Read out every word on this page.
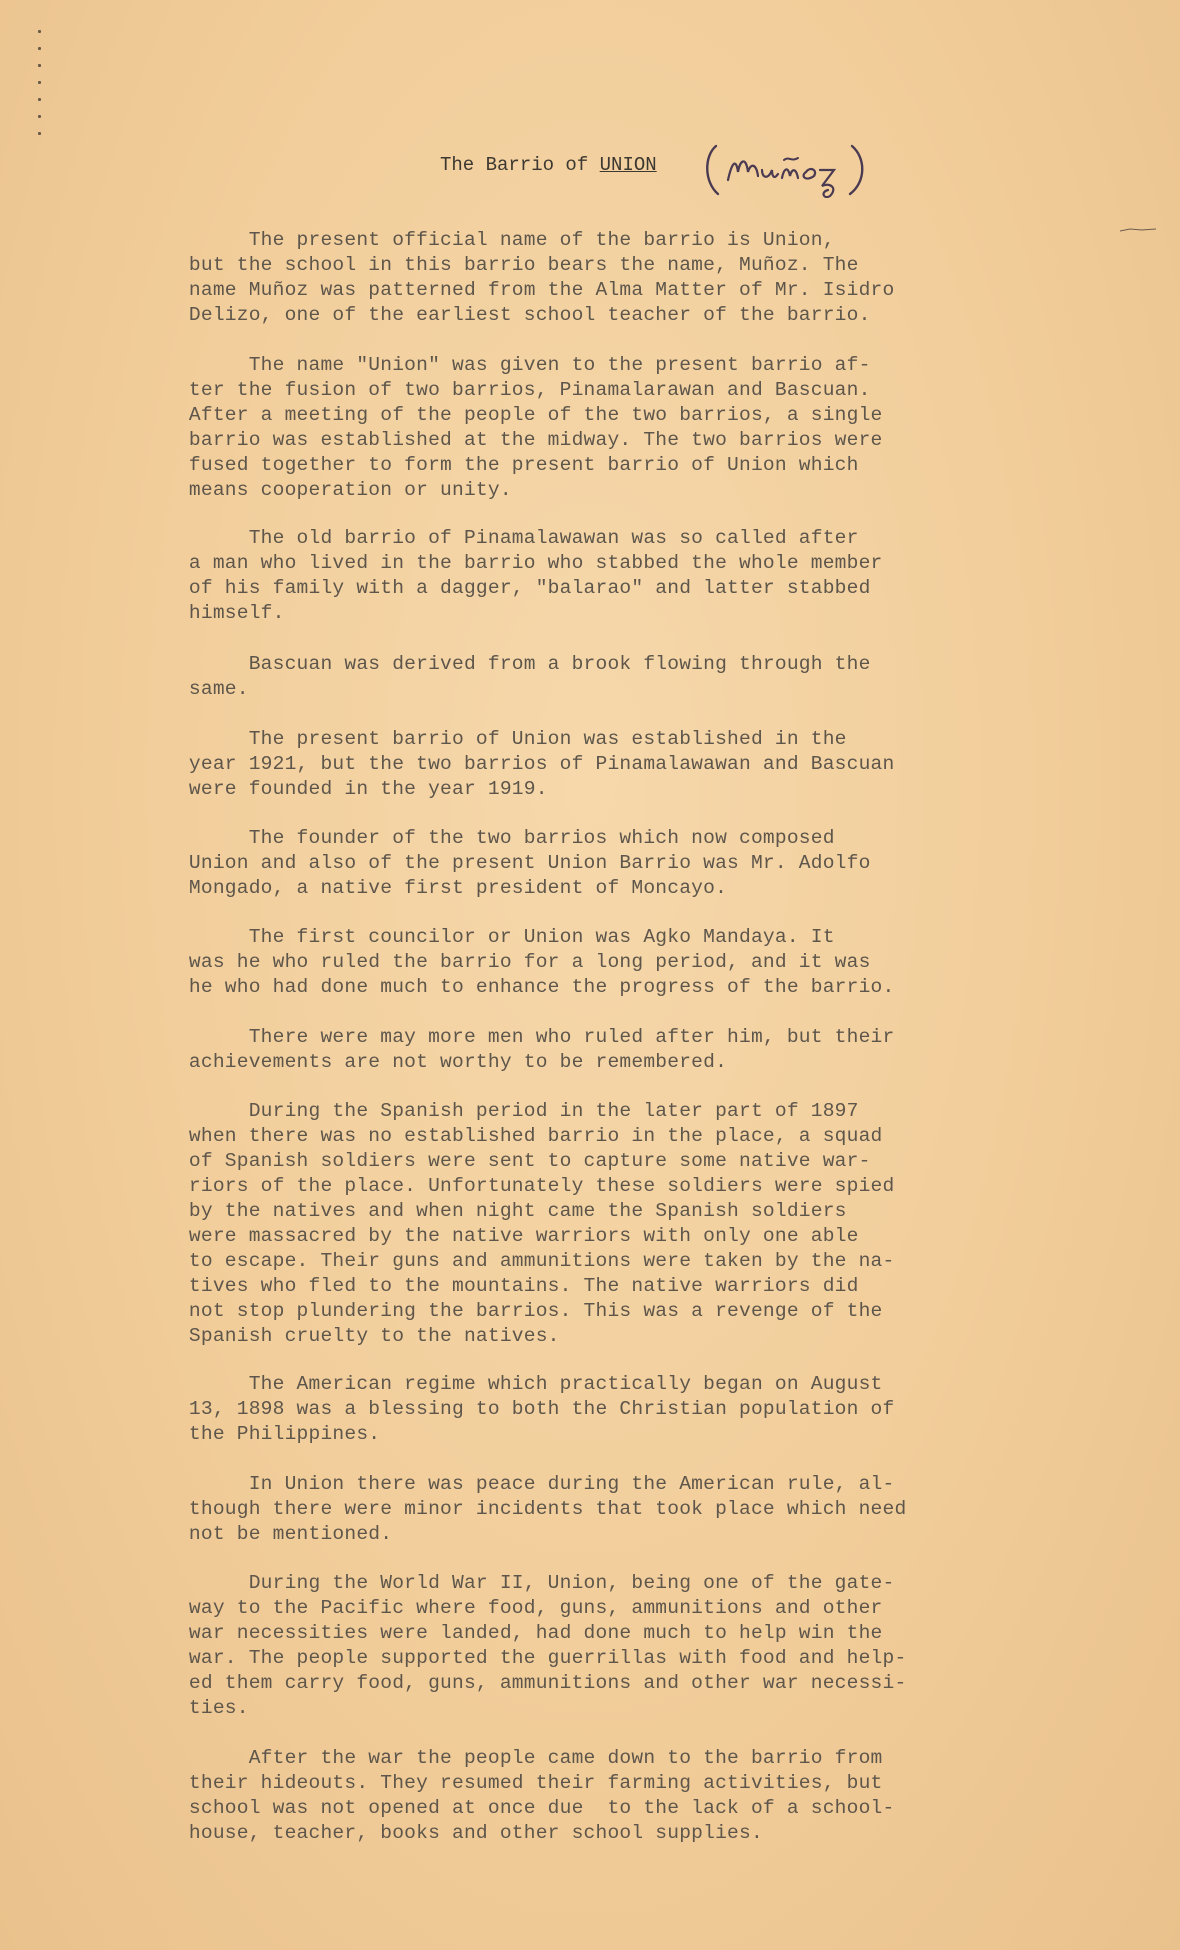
The Barrio of UNION
The present official name of the barrio is Union,
but the school in this barrio bears the name, Muñoz. The
name Muñoz was patterned from the Alma Matter of Mr. Isidro
Delizo, one of the earliest school teacher of the barrio.
The name "Union" was given to the present barrio af-
ter the fusion of two barrios, Pinamalarawan and Bascuan.
After a meeting of the people of the two barrios, a single
barrio was established at the midway. The two barrios were
fused together to form the present barrio of Union which
means cooperation or unity.
The old barrio of Pinamalawawan was so called after
a man who lived in the barrio who stabbed the whole member
of his family with a dagger, "balarao" and latter stabbed
himself.
Bascuan was derived from a brook flowing through the
same.
The present barrio of Union was established in the
year 1921, but the two barrios of Pinamalawawan and Bascuan
were founded in the year 1919.
The founder of the two barrios which now composed
Union and also of the present Union Barrio was Mr. Adolfo
Mongado, a native first president of Moncayo.
The first councilor or Union was Agko Mandaya. It
was he who ruled the barrio for a long period, and it was
he who had done much to enhance the progress of the barrio.
There were may more men who ruled after him, but their
achievements are not worthy to be remembered.
During the Spanish period in the later part of 1897
when there was no established barrio in the place, a squad
of Spanish soldiers were sent to capture some native war-
riors of the place. Unfortunately these soldiers were spied
by the natives and when night came the Spanish soldiers
were massacred by the native warriors with only one able
to escape. Their guns and ammunitions were taken by the na-
tives who fled to the mountains. The native warriors did
not stop plundering the barrios. This was a revenge of the
Spanish cruelty to the natives.
The American regime which practically began on August
13, 1898 was a blessing to both the Christian population of
the Philippines.
In Union there was peace during the American rule, al-
though there were minor incidents that took place which need
not be mentioned.
During the World War II, Union, being one of the gate-
way to the Pacific where food, guns, ammunitions and other
war necessities were landed, had done much to help win the
war. The people supported the guerrillas with food and help-
ed them carry food, guns, ammunitions and other war necessi-
ties.
After the war the people came down to the barrio from
their hideouts. They resumed their farming activities, but
school was not opened at once due  to the lack of a school-
house, teacher, books and other school supplies.
